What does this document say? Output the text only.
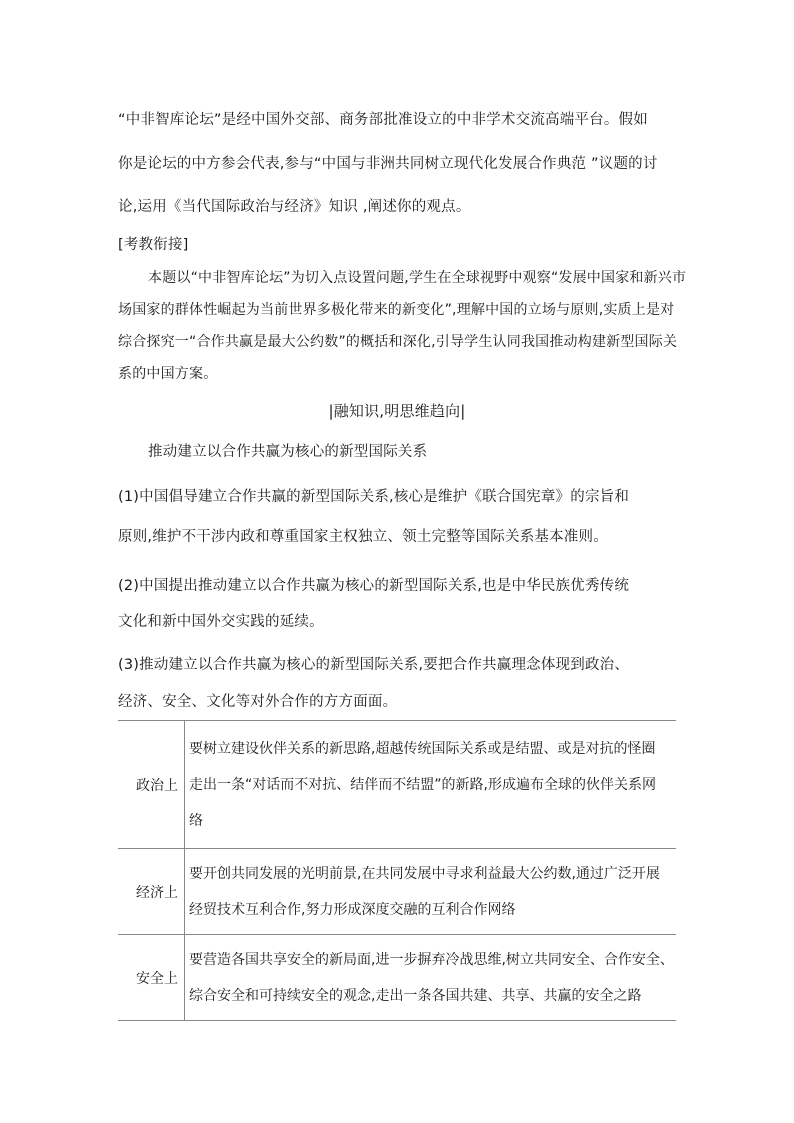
“中非智库论坛”是经中国外交部、商务部批准设立的中非学术交流高端平台。假如
你是论坛的中方参会代表,参与“中国与非洲共同树立现代化发展合作典范 ”议题的讨
论,运用《当代国际政治与经济》知识 ,阐述你的观点。
[考教衔接]
本题以“中非智库论坛”为切入点设置问题,学生在全球视野中观察“发展中国家和新兴市
场国家的群体性崛起为当前世界多极化带来的新变化”,理解中国的立场与原则,实质上是对
综合探究一“合作共赢是最大公约数”的概括和深化,引导学生认同我国推动构建新型国际关
系的中国方案。
|融知识,明思维趋向|
推动建立以合作共赢为核心的新型国际关系
(1)中国倡导建立合作共赢的新型国际关系,核心是维护《联合国宪章》的宗旨和
原则,维护不干涉内政和尊重国家主权独立、领土完整等国际关系基本准则。
(2)中国提出推动建立以合作共赢为核心的新型国际关系,也是中华民族优秀传统
文化和新中国外交实践的延续。
(3)推动建立以合作共赢为核心的新型国际关系,要把合作共赢理念体现到政治、
经济、安全、文化等对外合作的方方面面。
政治上	要树立建设伙伴关系的新思路,超越传统国际关系或是结盟、或是对抗的怪圈
走出一条“对话而不对抗、结伴而不结盟”的新路,形成遍布全球的伙伴关系网
络

经济上	要开创共同发展的光明前景,在共同发展中寻求利益最大公约数,通过广泛开展
经贸技术互利合作,努力形成深度交融的互利合作网络

安全上	要营造各国共享安全的新局面,进一步摒弃冷战思维,树立共同安全、合作安全、
综合安全和可持续安全的观念,走出一条各国共建、共享、共赢的安全之路
